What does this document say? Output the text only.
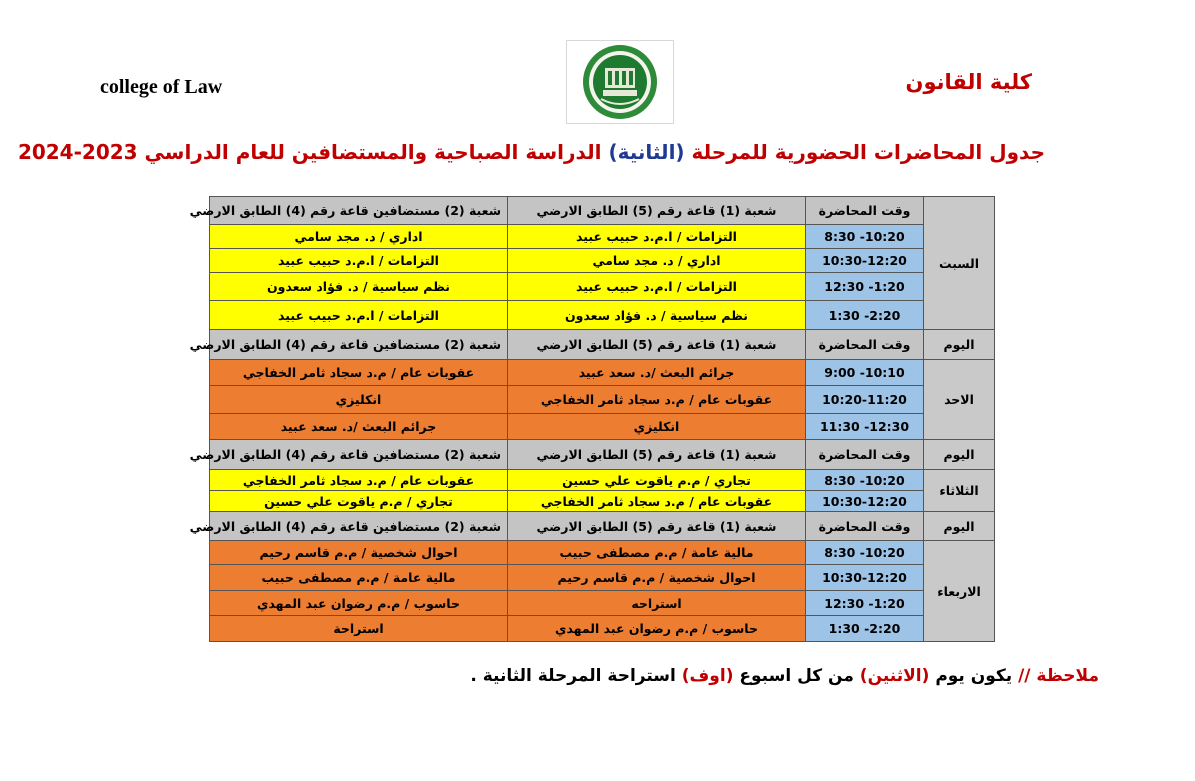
college of Law	كلية القانون
جدول المحاضرات الحضورية للمرحلة (الثانية) الدراسة الصباحية والمستضافين للعام الدراسي 2023-2024
السبت	وقت المحاضرة	شعبة (1) قاعة رقم (5) الطابق الارضي	شعبة (2) مستضافين قاعة رقم (4) الطابق الارضي
	8:30 -10:20	التزامات / ا.م.د حبيب عبيد	اداري / د. مجد سامي
	10:30-12:20	اداري / د. مجد سامي	التزامات / ا.م.د حبيب عبيد
	12:30 -1:20	التزامات / ا.م.د حبيب عبيد	نظم سياسية / د. فؤاد سعدون
	1:30 -2:20	نظم سياسية / د. فؤاد سعدون	التزامات / ا.م.د حبيب عبيد
اليوم	وقت المحاضرة	شعبة (1) قاعة رقم (5) الطابق الارضي	شعبة (2) مستضافين قاعة رقم (4) الطابق الارضي
الاحد	9:00 -10:10	جرائم البعث /د. سعد عبيد	عقوبات عام / م.د سجاد ثامر الخفاجي
	10:20-11:20	عقوبات عام / م.د سجاد ثامر الخفاجي	انكليزي
	11:30 -12:30	انكليزي	جرائم البعث /د. سعد عبيد
اليوم	وقت المحاضرة	شعبة (1) قاعة رقم (5) الطابق الارضي	شعبة (2) مستضافين قاعة رقم (4) الطابق الارضي
الثلاثاء	8:30 -10:20	تجاري / م.م ياقوت علي حسين	عقوبات عام / م.د سجاد ثامر الخفاجي
	10:30-12:20	عقوبات عام / م.د سجاد ثامر الخفاجي	تجاري / م.م ياقوت علي حسين
اليوم	وقت المحاضرة	شعبة (1) قاعة رقم (5) الطابق الارضي	شعبة (2) مستضافين قاعة رقم (4) الطابق الارضي
الاربعاء	8:30 -10:20	مالية عامة / م.م مصطفى حبيب	احوال شخصية / م.م قاسم رحيم
	10:30-12:20	احوال شخصية / م.م قاسم رحيم	مالية عامة / م.م مصطفى حبيب
	12:30 -1:20	استراحه	حاسوب / م.م رضوان عبد المهدي
	1:30 -2:20	حاسوب / م.م رضوان عبد المهدي	استراحة
ملاحظة // يكون يوم (الاثنين) من كل اسبوع (اوف) استراحة المرحلة الثانية .
